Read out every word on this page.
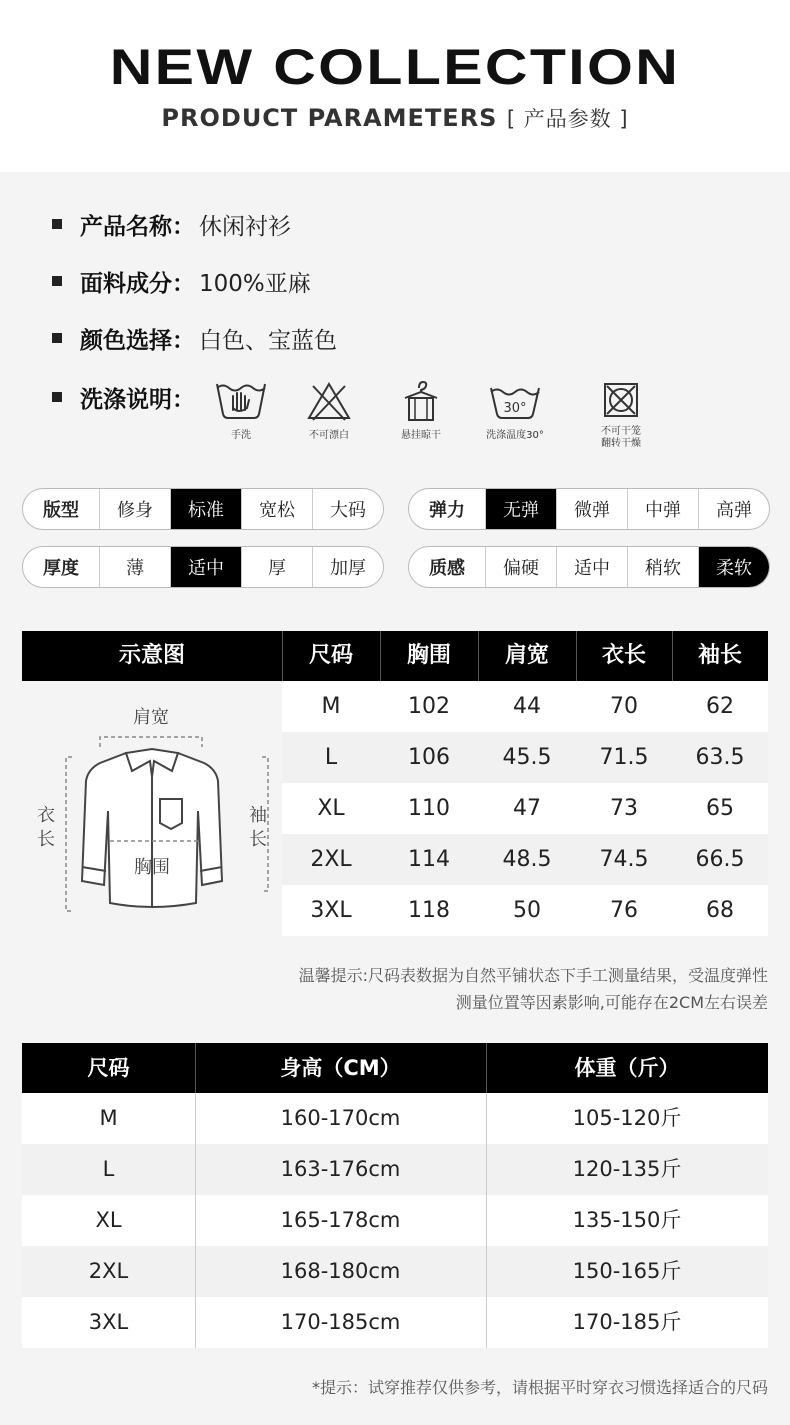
NEW COLLECTION
PRODUCT PARAMETERS [ 产品参数 ]
产品名称： 休闲衬衫
面料成分： 100%亚麻
颜色选择： 白色、宝蓝色
洗涤说明：
手洗	不可漂白	悬挂晾干
30°
洗涤温度30°	不可干笼
翻转干燥
版型	修身	标准	宽松	大码	弹力	无弹	微弹	中弹	高弹
厚度	薄	适中	厚	加厚	质感	偏硬	适中	稍软	柔软
示意图	尺码	胸围	肩宽	衣长	袖长
肩宽
衣
长
袖
长
胸围
M	102	44	70	62
L	106	45.5	71.5	63.5
XL	110	47	73	65
2XL	114	48.5	74.5	66.5
3XL	118	50	76	68
温馨提示:尺码表数据为自然平铺状态下手工测量结果，受温度弹性
测量位置等因素影响,可能存在2CM左右误差
尺码	身高（CM）	体重（斤）
M	160-170cm	105-120斤
L	163-176cm	120-135斤
XL	165-178cm	135-150斤
2XL	168-180cm	150-165斤
3XL	170-185cm	170-185斤
*提示：试穿推荐仅供参考，请根据平时穿衣习惯选择适合的尺码
